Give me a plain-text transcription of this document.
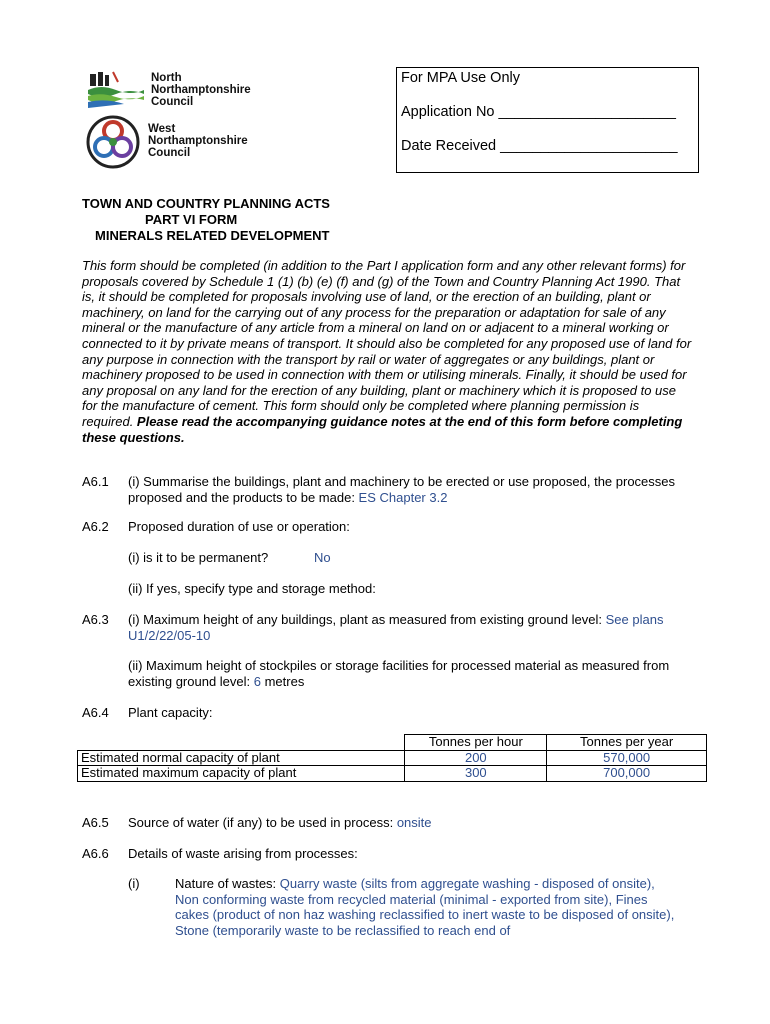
North
Northamptonshire
Council
West
Northamptonshire
Council
For MPA Use Only
Application No ______________________
Date Received ______________________
TOWN AND COUNTRY PLANNING ACTS
PART VI FORM
MINERALS RELATED DEVELOPMENT
This form should be completed (in addition to the Part I application form and any other relevant forms) for proposals covered by Schedule 1 (1) (b) (e) (f) and (g) of the Town and Country Planning Act 1990. That is, it should be completed for proposals involving use of land, or the erection of an building, plant or machinery, on land for the carrying out of any process for the preparation or adaptation for sale of any mineral or the manufacture of any article from a mineral on land on or adjacent to a mineral working or connected to it by private means of transport. It should also be completed for any proposed use of land for any purpose in connection with the transport by rail or water of aggregates or any buildings, plant or machinery proposed to be used in connection with them or utilising minerals. Finally, it should be used for any proposal on any land for the erection of any building, plant or machinery which it is proposed to use for the manufacture of cement. This form should only be completed where planning permission is required. Please read the accompanying guidance notes at the end of this form before completing these questions.
A6.1 (i) Summarise the buildings, plant and machinery to be erected or use proposed, the processes proposed and the products to be made: ES Chapter 3.2
A6.2 Proposed duration of use or operation:
(i) is it to be permanent?	No
(ii) If yes, specify type and storage method:
A6.3 (i) Maximum height of any buildings, plant as measured from existing ground level: See plans U1/2/22/05-10
(ii) Maximum height of stockpiles or storage facilities for processed material as measured from existing ground level: 6 metres
A6.4 Plant capacity:
	Tonnes per hour	Tonnes per year
Estimated normal capacity of plant	200	570,000
Estimated maximum capacity of plant	300	700,000
A6.5 Source of water (if any) to be used in process: onsite
A6.6 Details of waste arising from processes:
(i)	Nature of wastes: Quarry waste (silts from aggregate washing - disposed of onsite), Non conforming waste from recycled material (minimal - exported from site), Fines cakes (product of non haz washing reclassified to inert waste to be disposed of onsite), Stone (temporarily waste to be reclassified to reach end of
